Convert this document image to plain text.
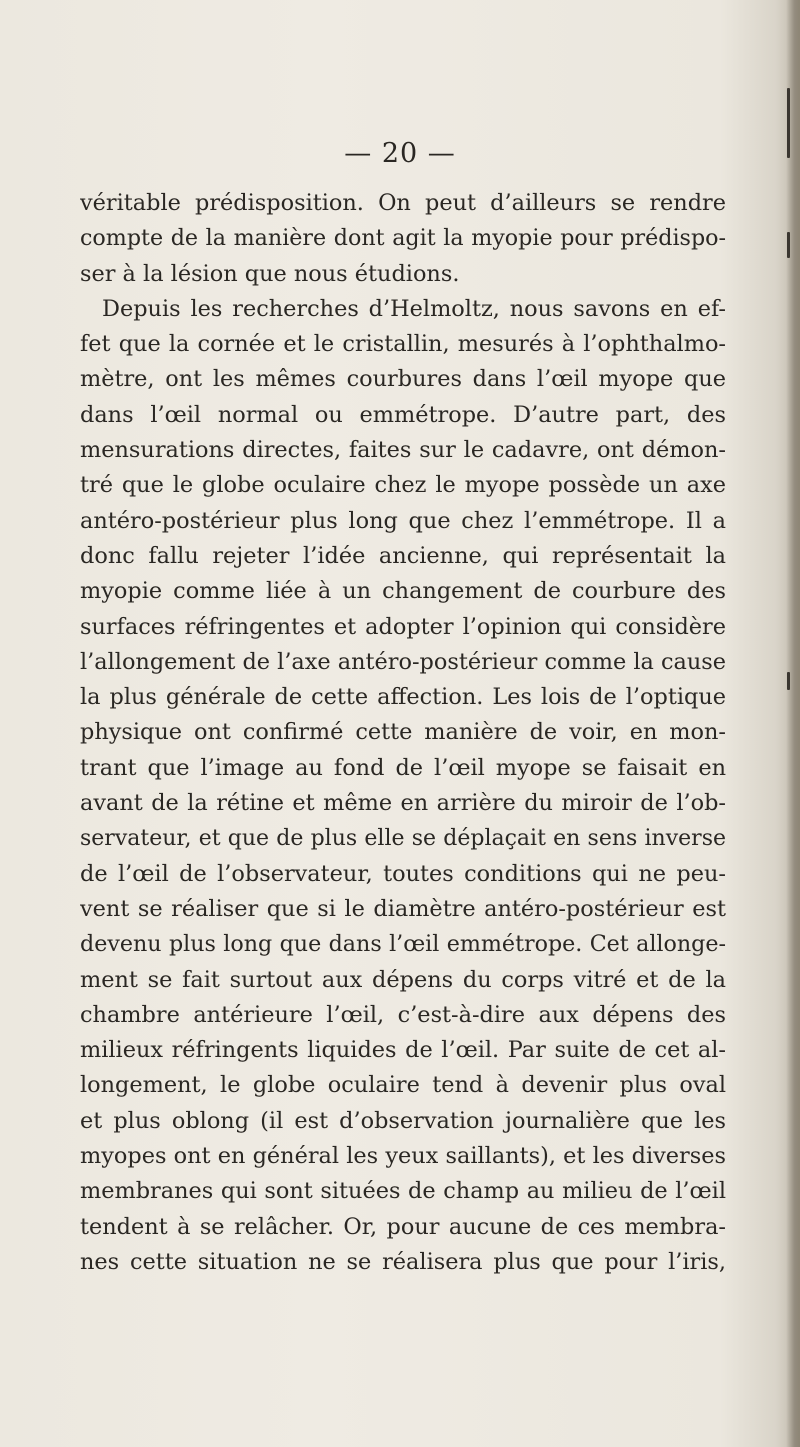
— 20 —
véritable prédisposition. On peut d’ailleurs se rendre
compte de la manière dont agit la myopie pour prédispo-
ser à la lésion que nous étudions.
Depuis les recherches d’Helmoltz, nous savons en ef-
fet que la cornée et le cristallin, mesurés à l’ophthalmo-
mètre, ont les mêmes courbures dans l’œil myope que
dans l’œil normal ou emmétrope. D’autre part, des
mensurations directes, faites sur le cadavre, ont démon-
tré que le globe oculaire chez le myope possède un axe
antéro-postérieur plus long que chez l’emmétrope. Il a
donc fallu rejeter l’idée ancienne, qui représentait la
myopie comme liée à un changement de courbure des
surfaces réfringentes et adopter l’opinion qui considère
l’allongement de l’axe antéro-postérieur comme la cause
la plus générale de cette affection. Les lois de l’optique
physique ont confirmé cette manière de voir, en mon-
trant que l’image au fond de l’œil myope se faisait en
avant de la rétine et même en arrière du miroir de l’ob-
servateur, et que de plus elle se déplaçait en sens inverse
de l’œil de l’observateur, toutes conditions qui ne peu-
vent se réaliser que si le diamètre antéro-postérieur est
devenu plus long que dans l’œil emmétrope. Cet allonge-
ment se fait surtout aux dépens du corps vitré et de la
chambre antérieure l’œil, c’est-à-dire aux dépens des
milieux réfringents liquides de l’œil. Par suite de cet al-
longement, le globe oculaire tend à devenir plus oval
et plus oblong (il est d’observation journalière que les
myopes ont en général les yeux saillants), et les diverses
membranes qui sont situées de champ au milieu de l’œil
tendent à se relâcher. Or, pour aucune de ces membra-
nes cette situation ne se réalisera plus que pour l’iris,
